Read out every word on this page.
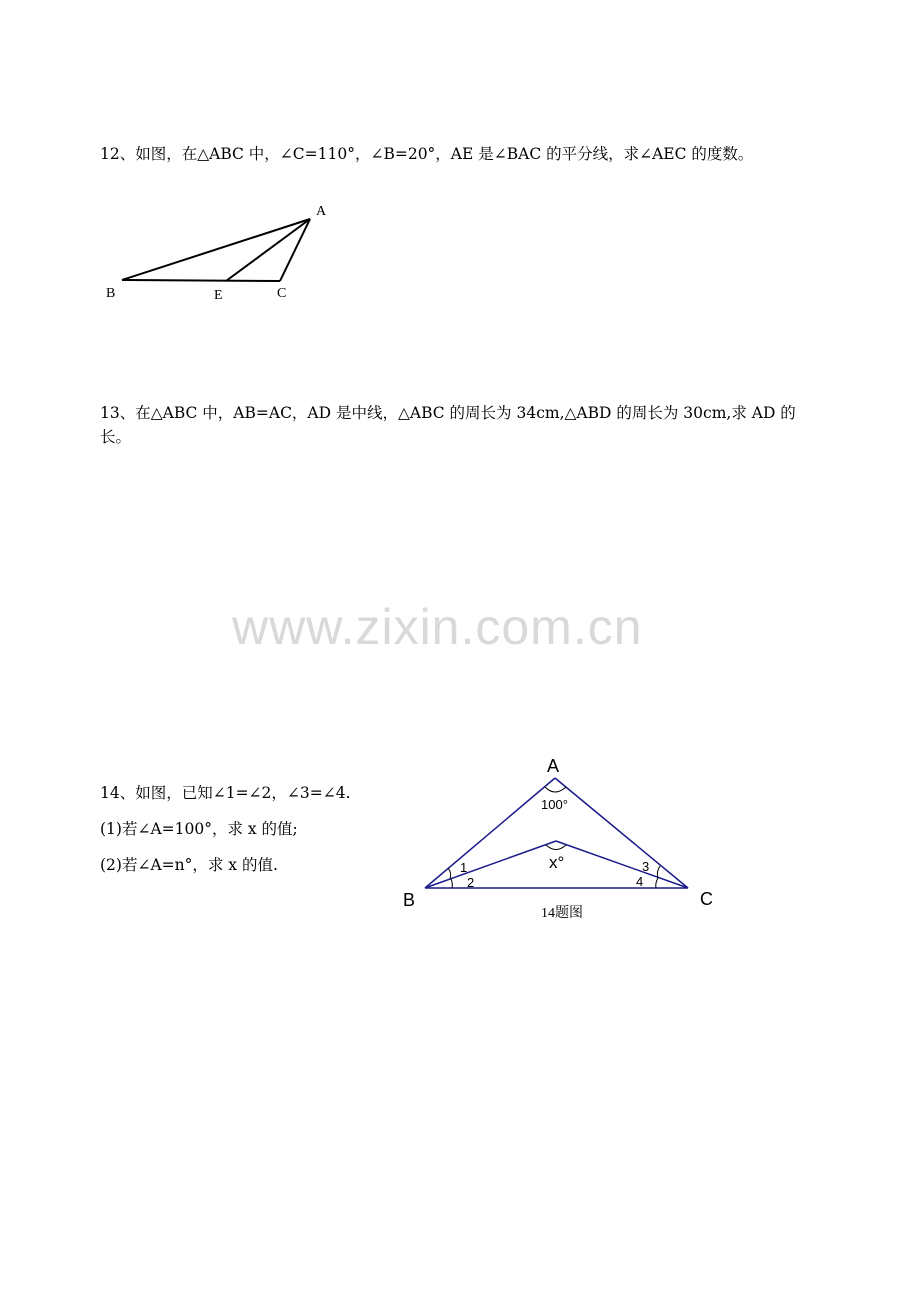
12、如图，在△ABC 中，∠C=110°，∠B=20°，AE 是∠BAC 的平分线，求∠AEC 的度数。
A
B	E	C
13、在△ABC 中，AB=AC，AD 是中线，△ABC 的周长为 34cm,△ABD 的周长为 30cm,求 AD 的长。
www.zixin.com.cn
14、如图，已知∠1=∠2，∠3=∠4.
(1)若∠A=100°，求 x 的值;
(2)若∠A=n°，求 x 的值.
A
B	C
100°
x°
1
2
3
4
14题图
